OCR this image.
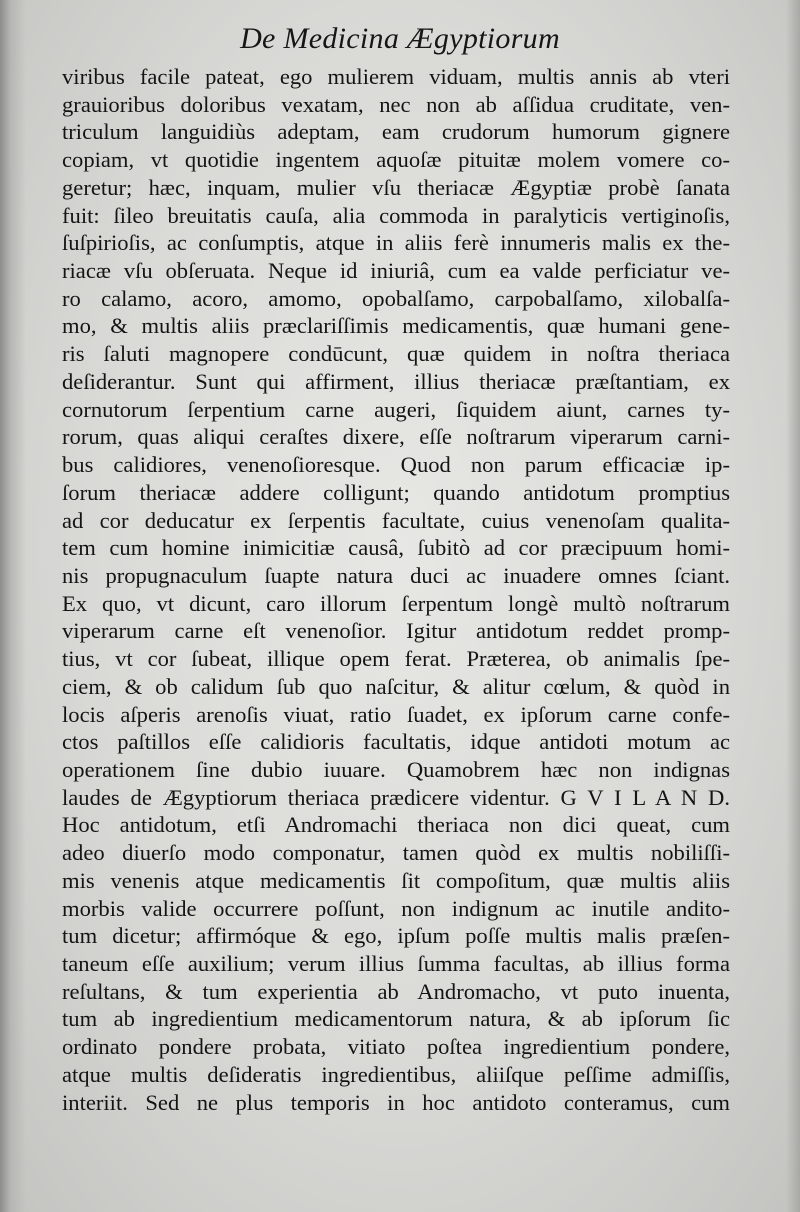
De Medicina Ægyptiorum
viribus facile pateat, ego mulierem viduam, multis annis ab vteri
grauioribus doloribus vexatam, nec non ab aſſidua cruditate, ven-
triculum languidiùs adeptam, eam crudorum humorum gignere
copiam, vt quotidie ingentem aquoſæ pituitæ molem vomere co-
geretur; hæc, inquam, mulier vſu theriacæ Ægyptiæ probè ſanata
fuit: ſileo breuitatis cauſa, alia commoda in paralyticis vertiginoſis,
ſuſpirioſis, ac conſumptis, atque in aliis ferè innumeris malis ex the-
riacæ vſu obſeruata. Neque id iniuriâ, cum ea valde perficiatur ve-
ro calamo, acoro, amomo, opobalſamo, carpobalſamo, xilobalſa-
mo, & multis aliis præclariſſimis medicamentis, quæ humani gene-
ris ſaluti magnopere condūcunt, quæ quidem in noſtra theriaca
deſiderantur. Sunt qui affirment, illius theriacæ præſtantiam, ex
cornutorum ſerpentium carne augeri, ſiquidem aiunt, carnes ty-
rorum, quas aliqui ceraſtes dixere, eſſe noſtrarum viperarum carni-
bus calidiores, venenoſioresque. Quod non parum efficaciæ ip-
ſorum theriacæ addere colligunt; quando antidotum promptius
ad cor deducatur ex ſerpentis facultate, cuius venenoſam qualita-
tem cum homine inimicitiæ causâ, ſubitò ad cor præcipuum homi-
nis propugnaculum ſuapte natura duci ac inuadere omnes ſciant.
Ex quo, vt dicunt, caro illorum ſerpentum longè multò noſtrarum
viperarum carne eſt venenoſior. Igitur antidotum reddet promp-
tius, vt cor ſubeat, illique opem ferat. Præterea, ob animalis ſpe-
ciem, & ob calidum ſub quo naſcitur, & alitur cœlum, & quòd in
locis aſperis arenoſis viuat, ratio ſuadet, ex ipſorum carne confe-
ctos paſtillos eſſe calidioris facultatis, idque antidoti motum ac
operationem ſine dubio iuuare. Quamobrem hæc non indignas
laudes de Ægyptiorum theriaca prædicere videntur. G V I L A N D.
Hoc antidotum, etſi Andromachi theriaca non dici queat, cum
adeo diuerſo modo componatur, tamen quòd ex multis nobiliſſi-
mis venenis atque medicamentis ſit compoſitum, quæ multis aliis
morbis valide occurrere poſſunt, non indignum ac inutile andito-
tum dicetur; affirmóque & ego, ipſum poſſe multis malis præſen-
taneum eſſe auxilium; verum illius ſumma facultas, ab illius forma
reſultans, & tum experientia ab Andromacho, vt puto inuenta,
tum ab ingredientium medicamentorum natura, & ab ipſorum ſic
ordinato pondere probata, vitiato poſtea ingredientium pondere,
atque multis deſideratis ingredientibus, aliiſque peſſime admiſſis,
interiit. Sed ne plus temporis in hoc antidoto conteramus, cum
